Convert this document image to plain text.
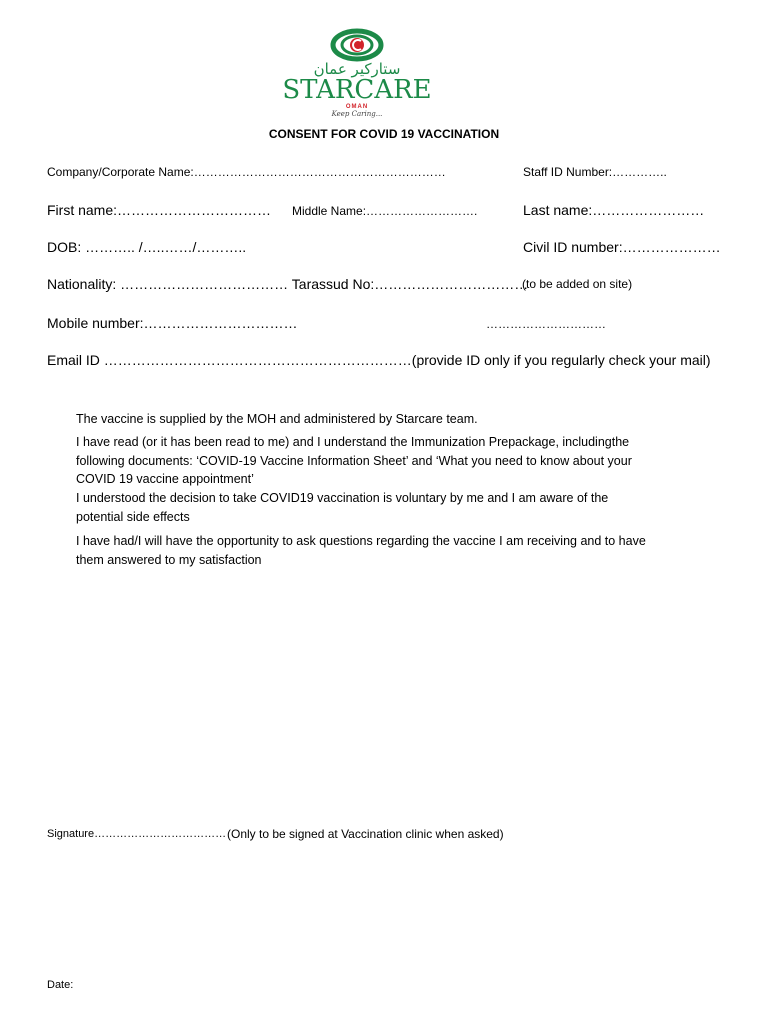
ستاركير عمان
STARCARE
OMAN
Keep Caring...
CONSENT FOR COVID 19 VACCINATION
Company/Corporate Name:………………………………………………………	Staff ID Number:…………..
First name:…………………………… Middle Name:……………………….	Last name:……………………
DOB: ……….. /…..……/………..	Civil ID number:…………………
Nationality: ……………………………… Tarassud No:……………………………
(to be added on site)
Mobile number:……………………………	…………………………
Email ID …………………………………………………………(provide ID only if you regularly check your mail)
The vaccine is supplied by the MOH and administered by Starcare team.
I have read (or it has been read to me) and I understand the Immunization Prepackage, includingthe following documents: ‘COVID-19 Vaccine Information Sheet’ and ‘What you need to know about your COVID 19 vaccine appointment’
I understood the decision to take COVID19 vaccination is voluntary by me and I am aware of the potential side effects
I have had/I will have the opportunity to ask questions regarding the vaccine I am receiving and to have them answered to my satisfaction
Signature……………………………… (Only to be signed at Vaccination clinic when asked)
Date:
